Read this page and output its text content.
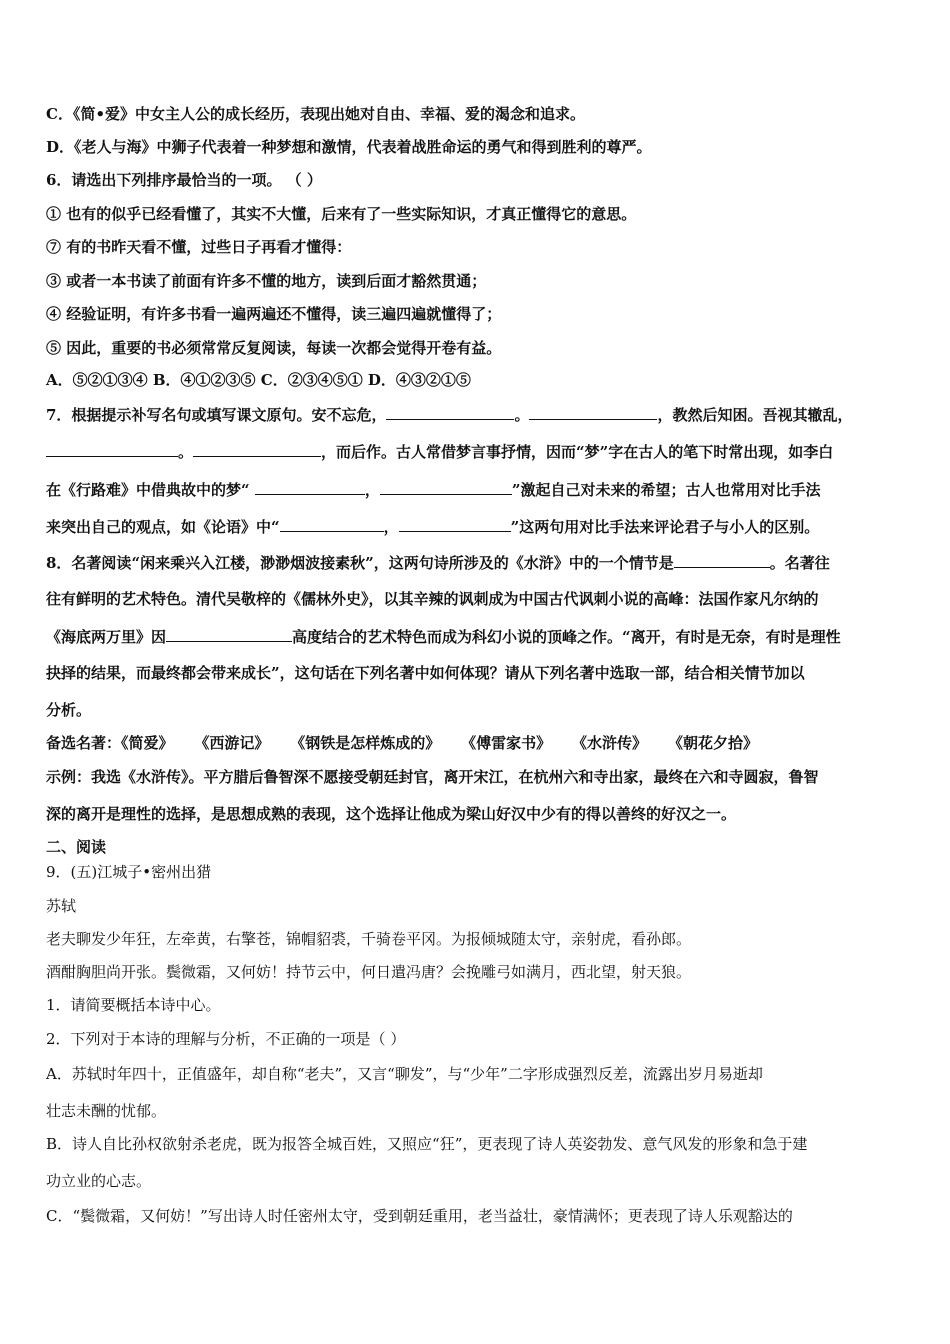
C．《简•爱》中女主人公的成长经历，表现出她对自由、幸福、爱的渴念和追求。
D．《老人与海》中狮子代表着一种梦想和激情，代表着战胜命运的勇气和得到胜利的尊严。
6．请选出下列排序最恰当的一项。 （ ）
① 也有的似乎已经看懂了，其实不大懂，后来有了一些实际知识，才真正懂得它的意思。
⑦ 有的书昨天看不懂，过些日子再看才懂得：
③ 或者一本书读了前面有许多不懂的地方，读到后面才豁然贯通；
④ 经验证明，有许多书看一遍两遍还不懂得，读三遍四遍就懂得了；
⑤ 因此，重要的书必须常常反复阅读，每读一次都会觉得开卷有益。
A．⑤②①③④ B．④①②③⑤ C．②③④⑤① D．④③②①⑤
7．根据提示补写名句或填写课文原句。安不忘危，	。	，教然后知困。吾视其辙乱，
。	，而后作。古人常借梦言事抒情，因而“梦”字在古人的笔下时常出现，如李白
在《行路难》中借典故中的梦“	，	”激起自己对未来的希望；古人也常用对比手法
来突出自己的观点，如《论语》中“	，	”这两句用对比手法来评论君子与小人的区别。
8．名著阅读“闲来乘兴入江楼，渺渺烟波接素秋”，这两句诗所涉及的《水浒》中的一个情节是	。名著往
往有鲜明的艺术特色。清代吴敬梓的《儒林外史》，以其辛辣的讽刺成为中国古代讽刺小说的高峰：法国作家凡尔纳的
《海底两万里》因	高度结合的艺术特色而成为科幻小说的顶峰之作。“离开，有时是无奈，有时是理性
抉择的结果，而最终都会带来成长”，这句话在下列名著中如何体现？请从下列名著中选取一部，结合相关情节加以
分析。
备选名著：《简爱》    《西游记》    《钢铁是怎样炼成的》    《傅雷家书》    《水浒传》    《朝花夕拾》
示例：我选《水浒传》。平方腊后鲁智深不愿接受朝廷封官，离开宋江，在杭州六和寺出家，最终在六和寺圆寂，鲁智
深的离开是理性的选择，是思想成熟的表现，这个选择让他成为梁山好汉中少有的得以善终的好汉之一。
二、阅读
9．(五)江城子•密州出猎
苏轼
老夫聊发少年狂，左牵黄，右擎苍，锦帽貂裘，千骑卷平冈。为报倾城随太守，亲射虎，看孙郎。
酒酣胸胆尚开张。鬓微霜，又何妨！持节云中，何日遣冯唐？会挽雕弓如满月，西北望，射天狼。
1．请简要概括本诗中心。
2．下列对于本诗的理解与分析，不正确的一项是（ ）
A．苏轼时年四十，正值盛年，却自称“老夫”，又言“聊发”，与“少年”二字形成强烈反差，流露出岁月易逝却
壮志未酬的忧郁。
B．诗人自比孙权欲射杀老虎，既为报答全城百姓，又照应“狂”，更表现了诗人英姿勃发、意气风发的形象和急于建
功立业的心志。
C．“鬓微霜，又何妨！”写出诗人时任密州太守，受到朝廷重用，老当益壮，豪情满怀；更表现了诗人乐观豁达的
